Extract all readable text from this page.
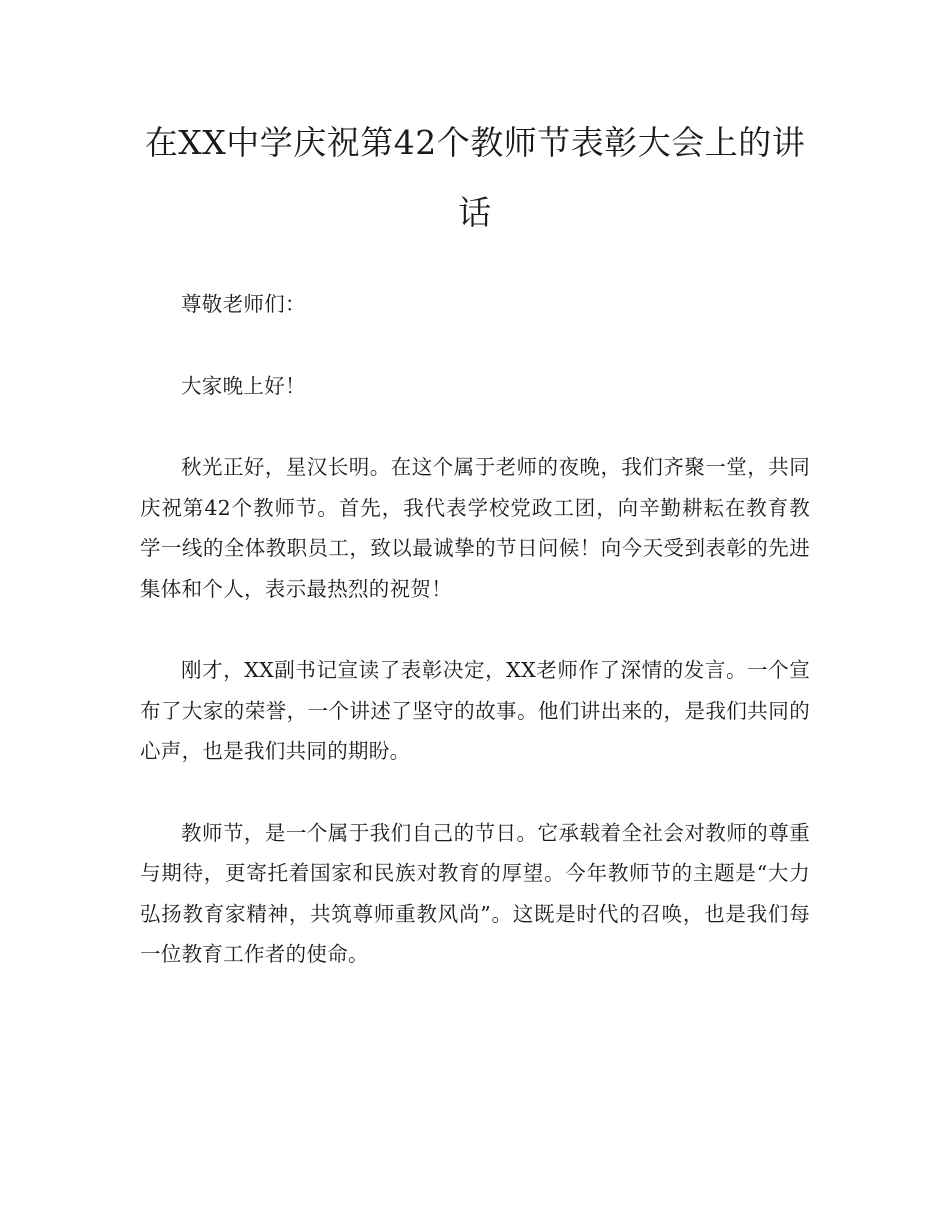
在XX中学庆祝第42个教师节表彰大会上的讲话

尊敬老师们：

大家晚上好！

秋光正好，星汉长明。在这个属于老师的夜晚，我们齐聚一堂，共同庆祝第42个教师节。首先，我代表学校党政工团，向辛勤耕耘在教育教学一线的全体教职员工，致以最诚挚的节日问候！向今天受到表彰的先进集体和个人，表示最热烈的祝贺！

刚才，XX副书记宣读了表彰决定，XX老师作了深情的发言。一个宣布了大家的荣誉，一个讲述了坚守的故事。他们讲出来的，是我们共同的心声，也是我们共同的期盼。

教师节，是一个属于我们自己的节日。它承载着全社会对教师的尊重与期待，更寄托着国家和民族对教育的厚望。今年教师节的主题是“大力弘扬教育家精神，共筑尊师重教风尚”。这既是时代的召唤，也是我们每一位教育工作者的使命。
